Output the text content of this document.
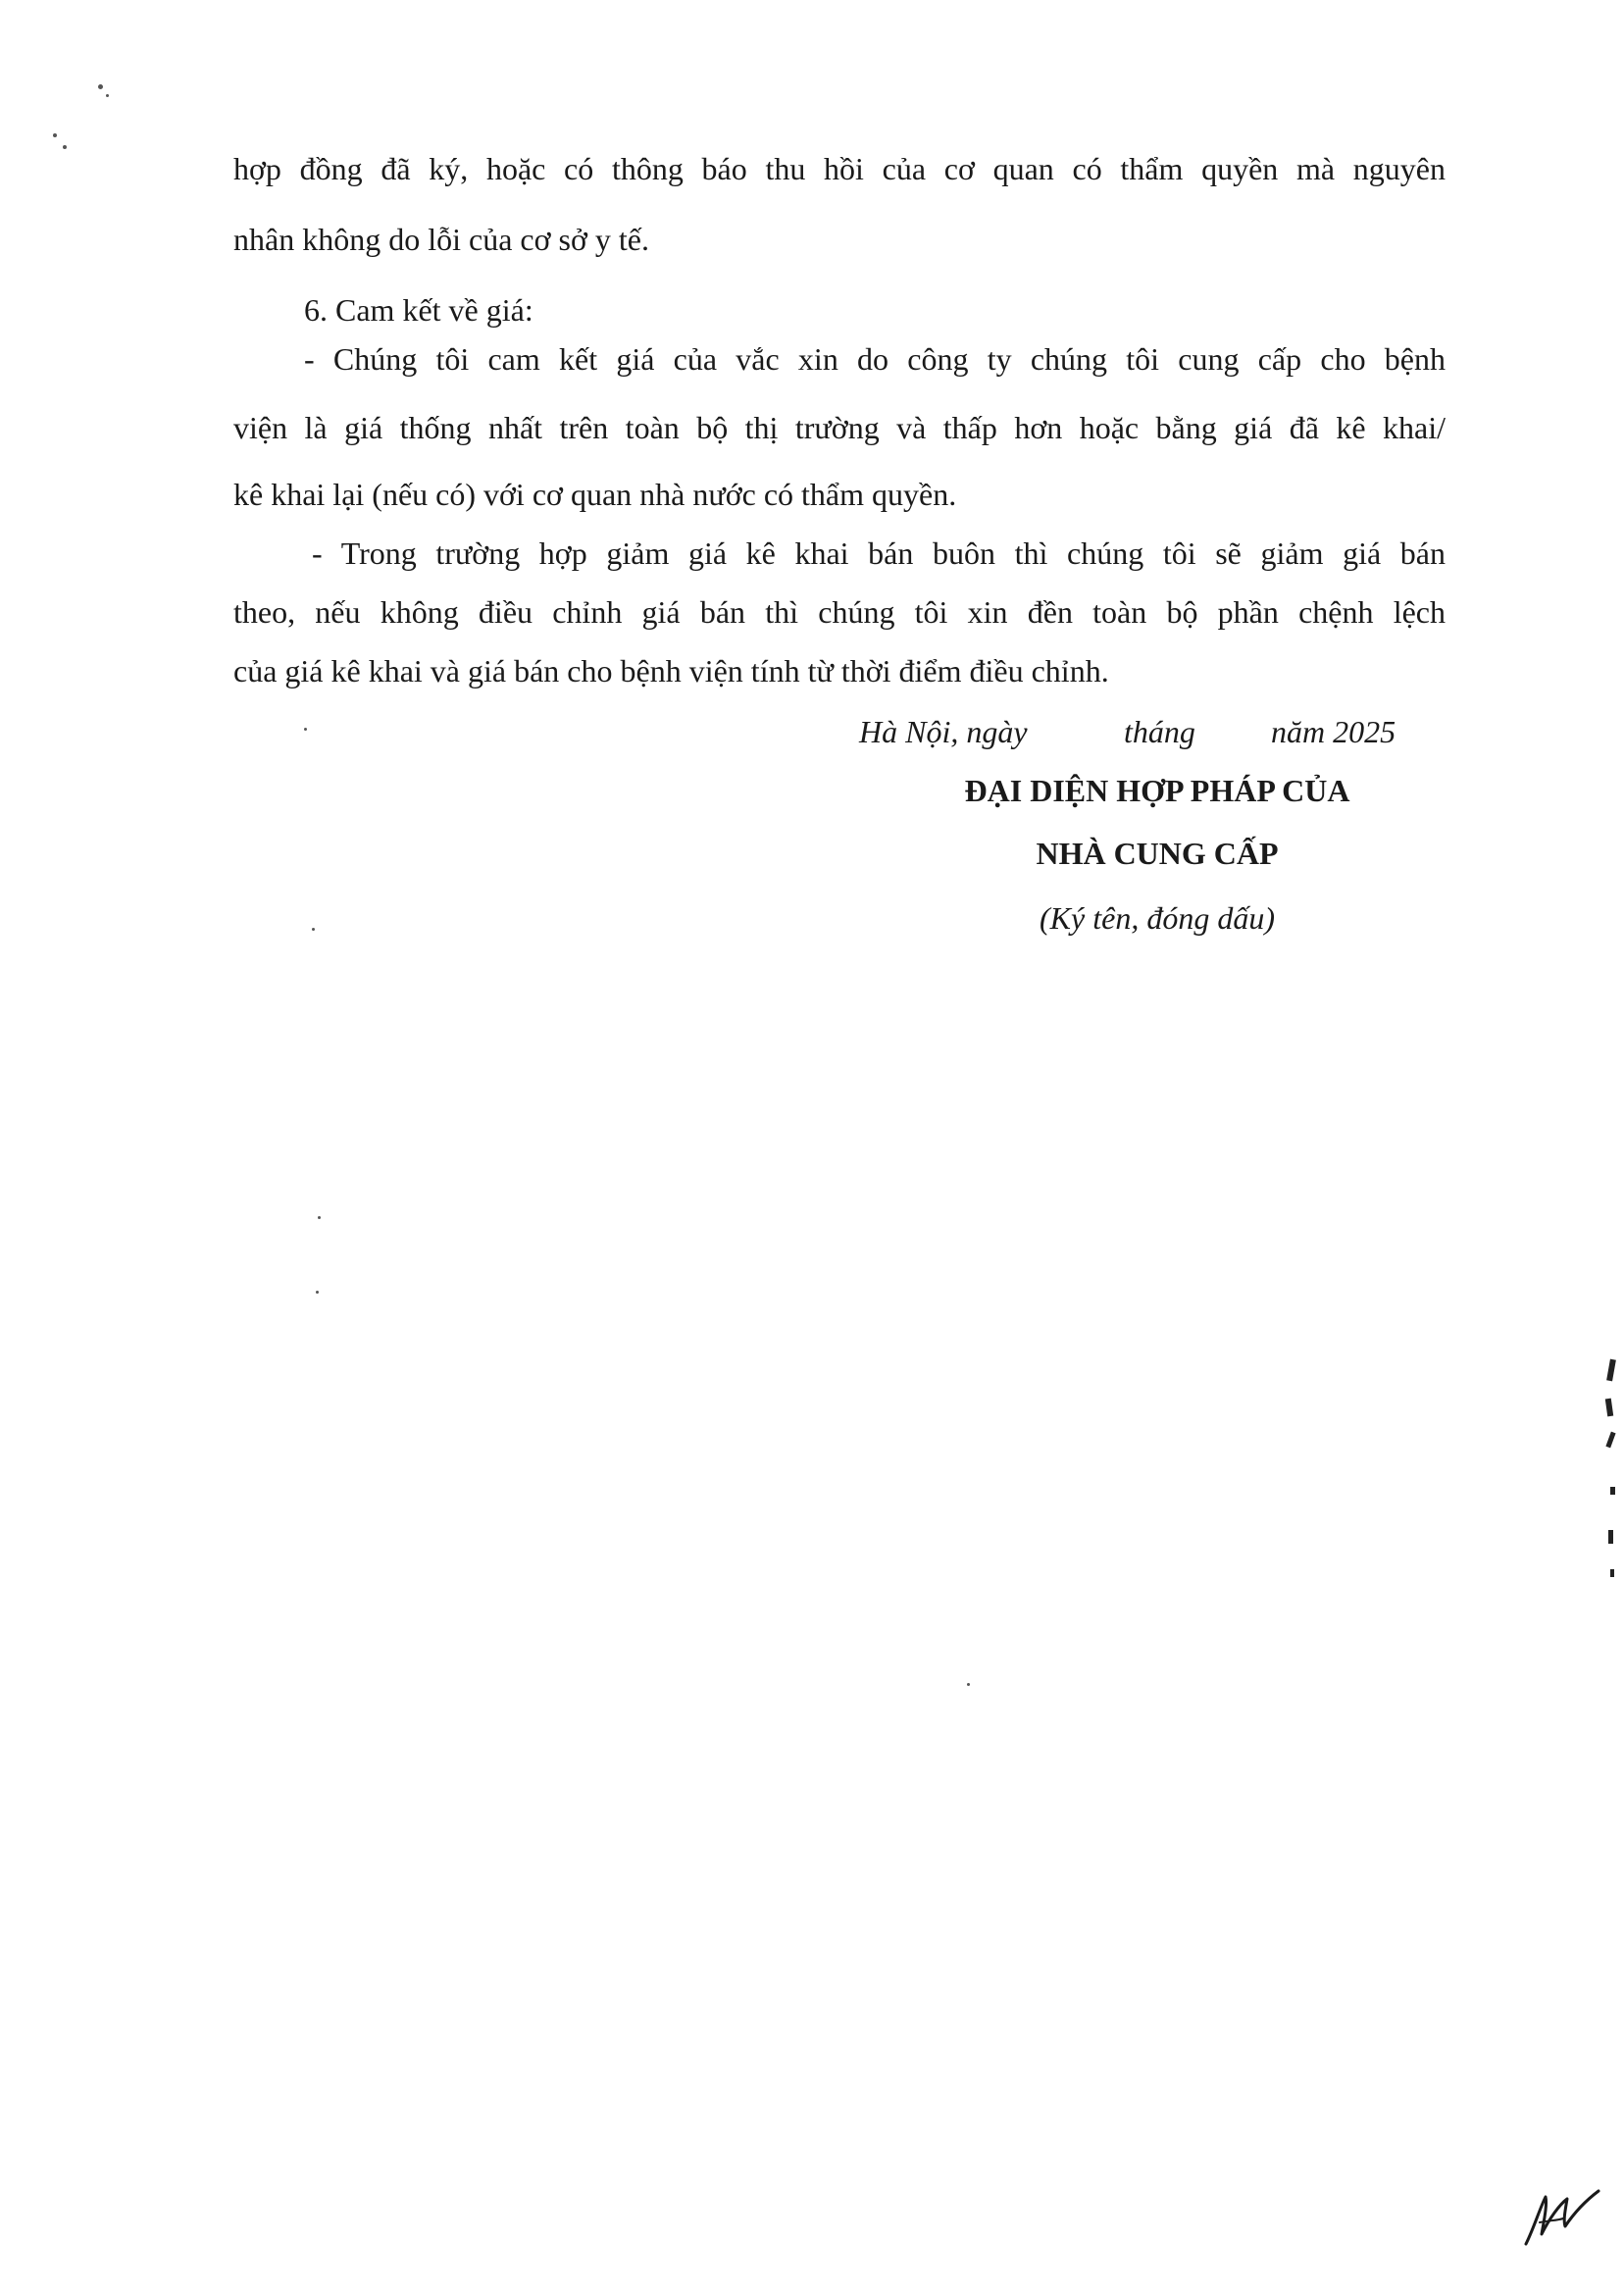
hợp đồng đã ký, hoặc có thông báo thu hồi của cơ quan có thẩm quyền mà nguyên
nhân không do lỗi của cơ sở y tế.
6. Cam kết về giá:
- Chúng tôi cam kết giá của vắc xin do công ty chúng tôi cung cấp cho bệnh
viện là giá thống nhất trên toàn bộ thị trường và thấp hơn hoặc bằng giá đã kê khai/
kê khai lại (nếu có) với cơ quan nhà nước có thẩm quyền.
- Trong trường hợp giảm giá kê khai bán buôn thì chúng tôi sẽ giảm giá bán
theo, nếu không điều chỉnh giá bán thì chúng tôi xin đền toàn bộ phần chệnh lệch
của giá kê khai và giá bán cho bệnh viện tính từ thời điểm điều chỉnh.
Hà Nội, ngày	tháng năm 2025
ĐẠI DIỆN HỢP PHÁP CỦA
NHÀ CUNG CẤP
(Ký tên, đóng dấu)
